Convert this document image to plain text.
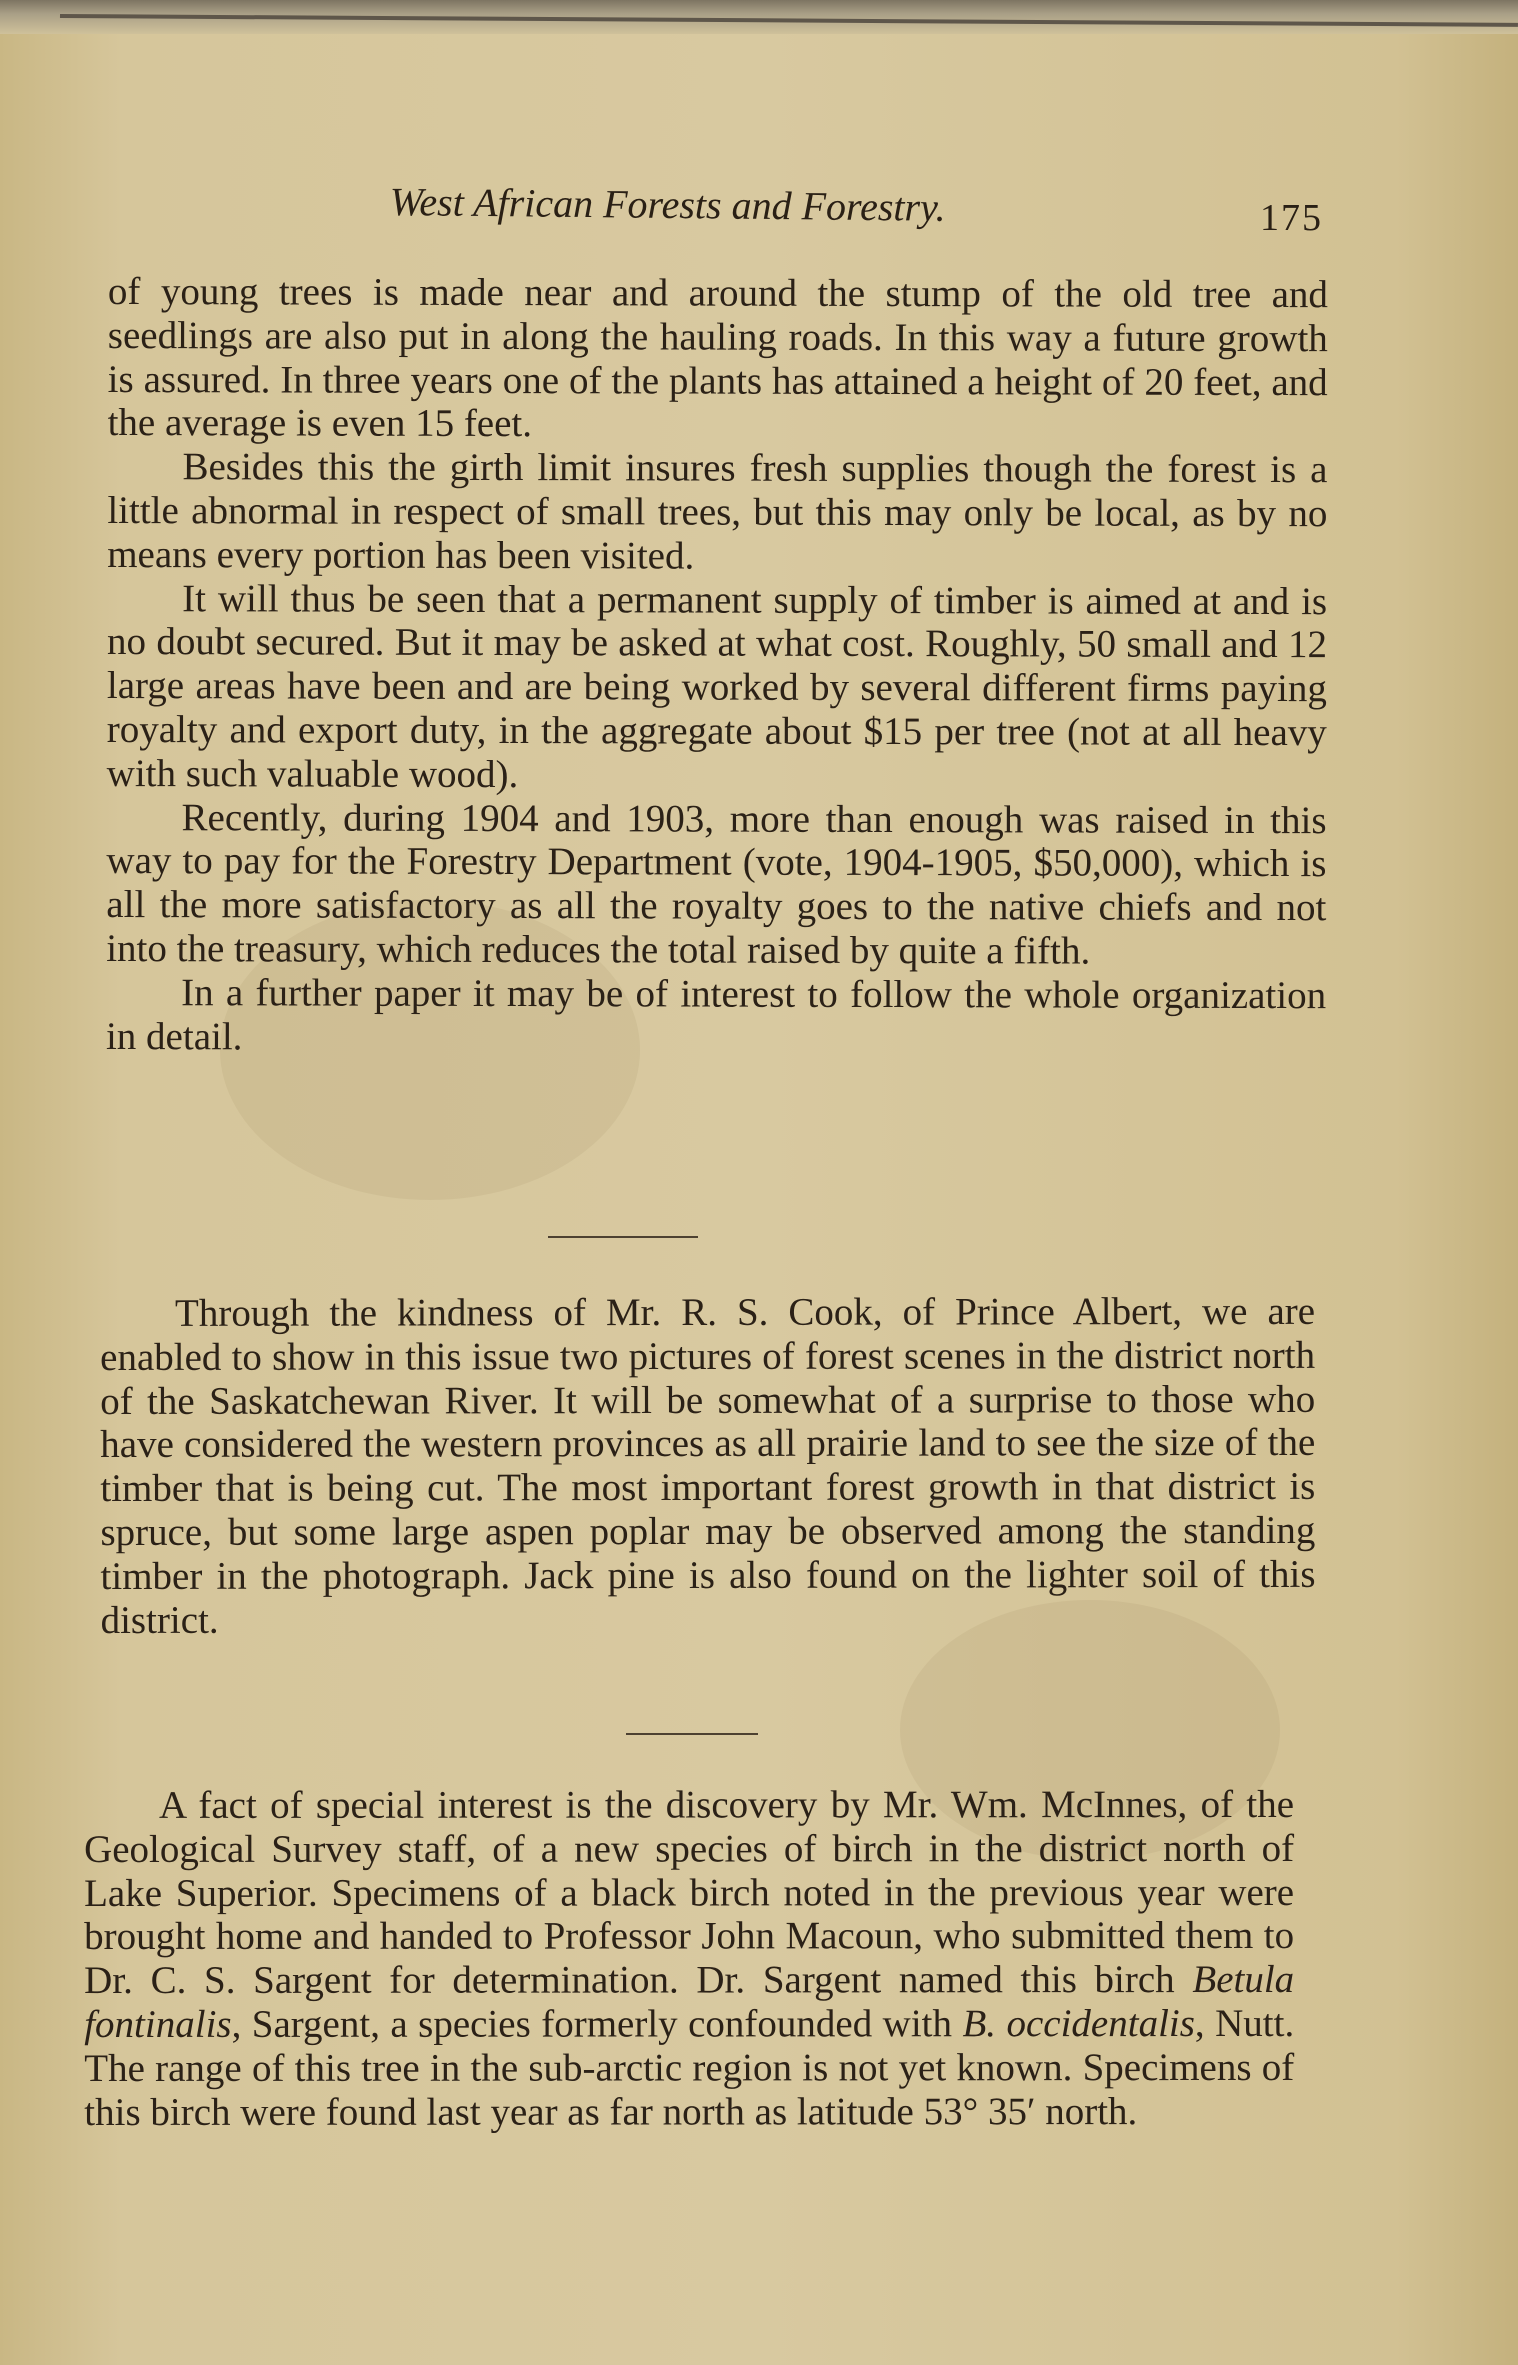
West African Forests and Forestry.	175

of young trees is made near and around the stump of the old tree and seedlings are also put in along the hauling roads. In this way a future growth is assured. In three years one of the plants has attained a height of 20 feet, and the average is even 15 feet.

Besides this the girth limit insures fresh supplies though the forest is a little abnormal in respect of small trees, but this may only be local, as by no means every portion has been visited.

It will thus be seen that a permanent supply of timber is aimed at and is no doubt secured. But it may be asked at what cost. Roughly, 50 small and 12 large areas have been and are being worked by several different firms paying royalty and export duty, in the aggregate about $15 per tree (not at all heavy with such valuable wood).

Recently, during 1904 and 1903, more than enough was raised in this way to pay for the Forestry Department (vote, 1904-1905, $50,000), which is all the more satisfactory as all the royalty goes to the native chiefs and not into the treasury, which reduces the total raised by quite a fifth.

In a further paper it may be of interest to follow the whole organization in detail.

Through the kindness of Mr. R. S. Cook, of Prince Albert, we are enabled to show in this issue two pictures of forest scenes in the district north of the Saskatchewan River. It will be somewhat of a surprise to those who have considered the western provinces as all prairie land to see the size of the timber that is being cut. The most important forest growth in that district is spruce, but some large aspen poplar may be observed among the standing timber in the photograph. Jack pine is also found on the lighter soil of this district.

A fact of special interest is the discovery by Mr. Wm. McInnes, of the Geological Survey staff, of a new species of birch in the district north of Lake Superior. Specimens of a black birch noted in the previous year were brought home and handed to Professor John Macoun, who submitted them to Dr. C. S. Sargent for determination. Dr. Sargent named this birch Betula fontinalis, Sargent, a species formerly confounded with B. occidentalis, Nutt. The range of this tree in the sub-arctic region is not yet known. Specimens of this birch were found last year as far north as latitude 53° 35′ north.
